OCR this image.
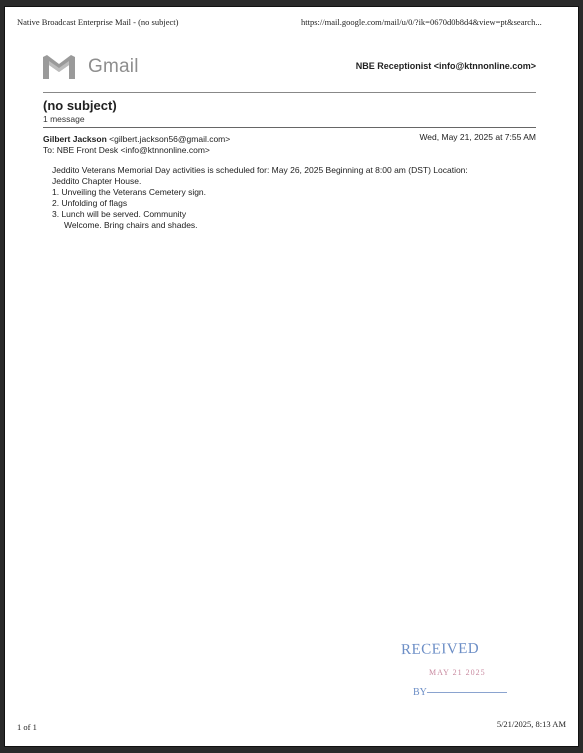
Native Broadcast Enterprise Mail - (no subject)	https://mail.google.com/mail/u/0/?ik=0670d0b8d4&view=pt&search...
Gmail	NBE Receptionist <info@ktnnonline.com>
(no subject)
1 message
Gilbert Jackson <gilbert.jackson56@gmail.com>	Wed, May 21, 2025 at 7:55 AM
To: NBE Front Desk <info@ktnnonline.com>

Jeddito Veterans Memorial Day activities is scheduled for: May 26, 2025 Beginning at 8:00 am (DST) Location:

Jeddito Chapter House.

1. Unveiling the Veterans Cemetery sign.

2. Unfolding of flags

3. Lunch will be served. Community

Welcome. Bring chairs and shades.

RECEIVED
MAY 21 2025
BY
1 of 1	5/21/2025, 8:13 AM
